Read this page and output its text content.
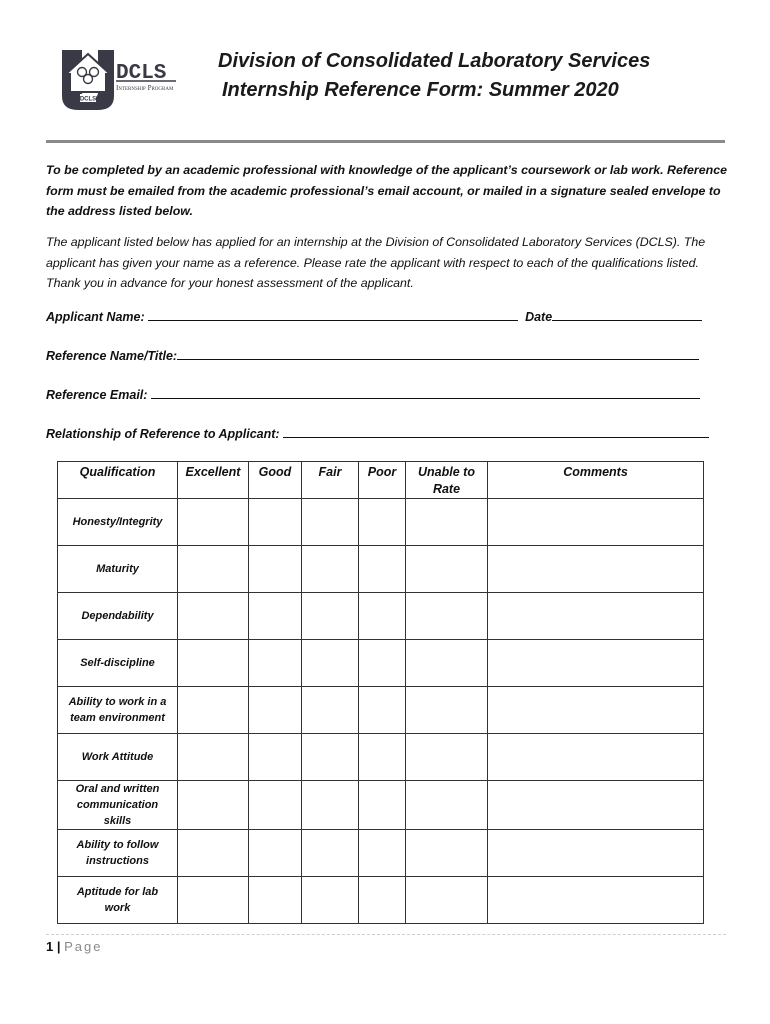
DCLS
DCLS
Internship Program
Division of Consolidated Laboratory Services
Internship Reference Form: Summer 2020

To be completed by an academic professional with knowledge of the applicant’s coursework or lab work. Reference form must be emailed from the academic professional’s email account, or mailed in a signature sealed envelope to the address listed below.

The applicant listed below has applied for an internship at the Division of Consolidated Laboratory Services (DCLS). The applicant has given your name as a reference. Please rate the applicant with respect to each of the qualifications listed. Thank you in advance for your honest assessment of the applicant.

Applicant Name:	Date
Reference Name/Title:
Reference Email:
Relationship of Reference to Applicant:
Qualification	Excellent	Good	Fair	Poor	Unable to Rate	Comments
Honesty/Integrity						
Maturity						
Dependability						
Self-discipline						
Ability to work in a team environment						
Work Attitude						
Oral and written communication skills						
Ability to follow instructions						
Aptitude for lab work						
1 | Page
